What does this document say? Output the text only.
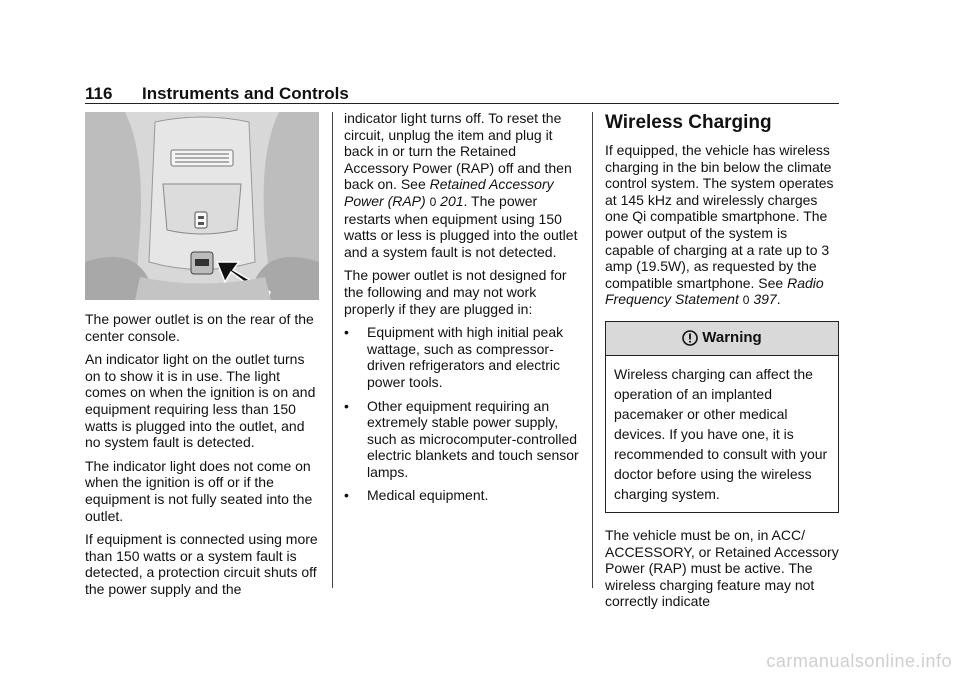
116 Instruments and Controls

The power outlet is on the rear of the center console.

An indicator light on the outlet turns on to show it is in use. The light comes on when the ignition is on and equipment requiring less than 150 watts is plugged into the outlet, and no system fault is detected.

The indicator light does not come on when the ignition is off or if the equipment is not fully seated into the outlet.

If equipment is connected using more than 150 watts or a system fault is detected, a protection circuit shuts off the power supply and the

indicator light turns off. To reset the circuit, unplug the item and plug it back in or turn the Retained Accessory Power (RAP) off and then back on. See Retained Accessory Power (RAP) 0 201. The power restarts when equipment using 150 watts or less is plugged into the outlet and a system fault is not detected.

The power outlet is not designed for the following and may not work properly if they are plugged in:

•	Equipment with high initial peak wattage, such as compressor-driven refrigerators and electric power tools.
•	Other equipment requiring an extremely stable power supply, such as microcomputer-controlled electric blankets and touch sensor lamps.
•	Medical equipment.
Wireless Charging

If equipped, the vehicle has wireless charging in the bin below the climate control system. The system operates at 145 kHz and wirelessly charges one Qi compatible smartphone. The power output of the system is capable of charging at a rate up to 3 amp (19.5W), as requested by the compatible smartphone. See Radio Frequency Statement 0 397.

Warning
Wireless charging can affect the operation of an implanted pacemaker or other medical devices. If you have one, it is recommended to consult with your doctor before using the wireless charging system.

The vehicle must be on, in ACC/ ACCESSORY, or Retained Accessory Power (RAP) must be active. The wireless charging feature may not correctly indicate

carmanualsonline.info
